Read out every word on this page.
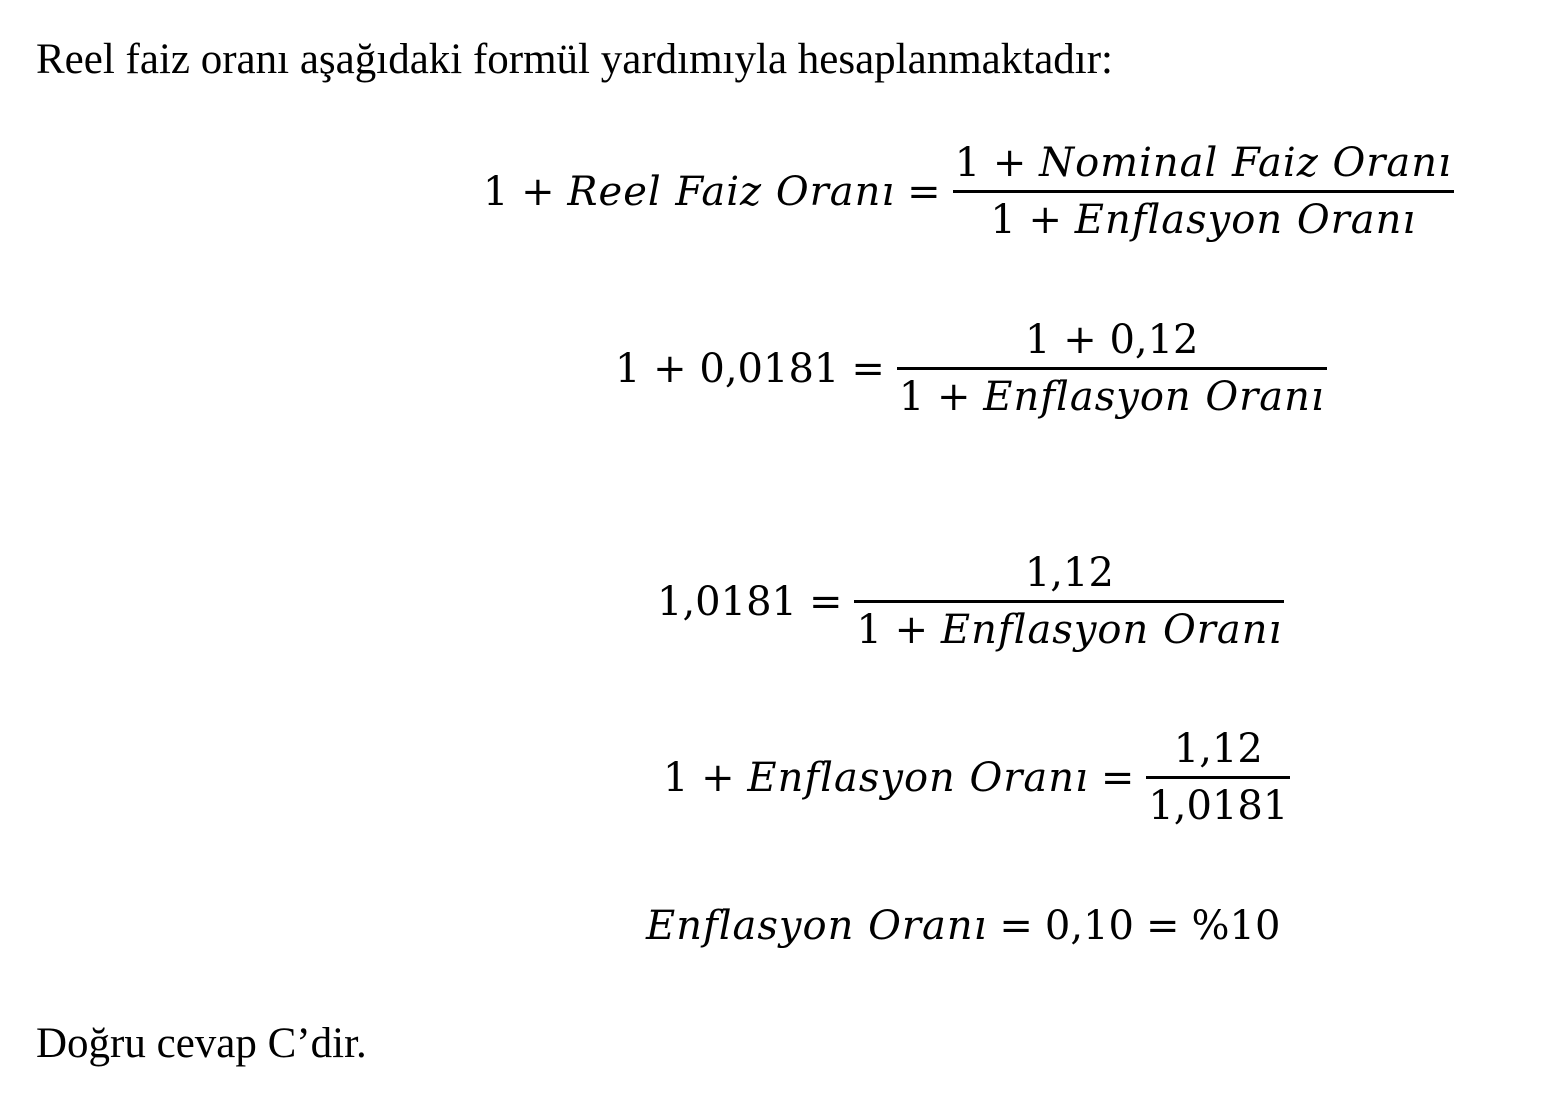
Reel faiz oranı aşağıdaki formül yardımıyla hesaplanmaktadır:

1 + Reel Faiz Oranı = $\frac{\text{1 + Nominal Faiz Oranı}}{\text{1 + Enflasyon Oranı}}$
$1 + 0,0181 = \frac{1 + 0,12}{\text{1 + Enflasyon Oranı}}$
$1,0181 = \frac{1,12}{\text{1 + Enflasyon Oranı}}$
1 + Enflasyon Oranı = $\frac{1,12}{1,0181}$
Enflasyon Oranı = 0,10 = %10

Doğru cevap C’dir.
